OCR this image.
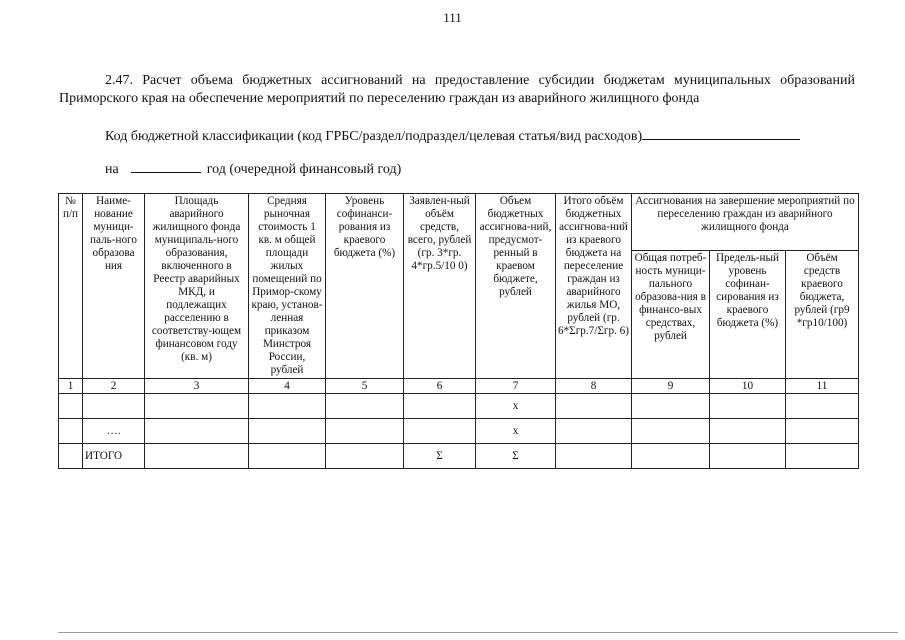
111
2.47. Расчет объема бюджетных ассигнований на предоставление субсидии бюджетам муниципальных образований Приморского края на обеспечение мероприятий по переселению граждан из аварийного жилищного фонда
Код бюджетной классификации (код ГРБС/раздел/подраздел/целевая статья/вид расходов)
на	год (очередной финансовый год)
№ п/п	Наиме-нование муници-паль-ного образова ния	Площадь аварийного жилищного фонда муниципаль-ного образования, включенного в Реестр аварийных МКД, и подлежащих расселению в соответству-ющем финансовом году (кв. м)	Средняя рыночная стоимость 1 кв. м общей площади жилых помещений по Примор-скому краю, установ-ленная приказом Минстроя России, рублей	Уровень софинанси-рования из краевого бюджета (%)	Заявлен-ный объём средств, всего, рублей (гр. 3*гр. 4*гр.5/10 0)	Объем бюджетных ассигнова-ний, предусмот-ренный в краевом бюджете, рублей	Итого объём бюджетных ассигнова-ний из краевого бюджета на переселение граждан из аварийного жилья МО, рублей (гр. 6*Σгр.7/Σгр. 6)	Ассигнования на завершение мероприятий по переселению граждан из аварийного жилищного фонда		
								Общая потреб-ность муници-пального образова-ния в финансо-вых средствах, рублей	Предель-ный уровень софинан-сирования из краевого бюджета (%)	Объём средств краевого бюджета, рублей (гр9 *гр10/100)
1	2	3	4	5	6	7	8	9	10	11
						x				
	….					x				
	ИТОГО				Σ	Σ				
